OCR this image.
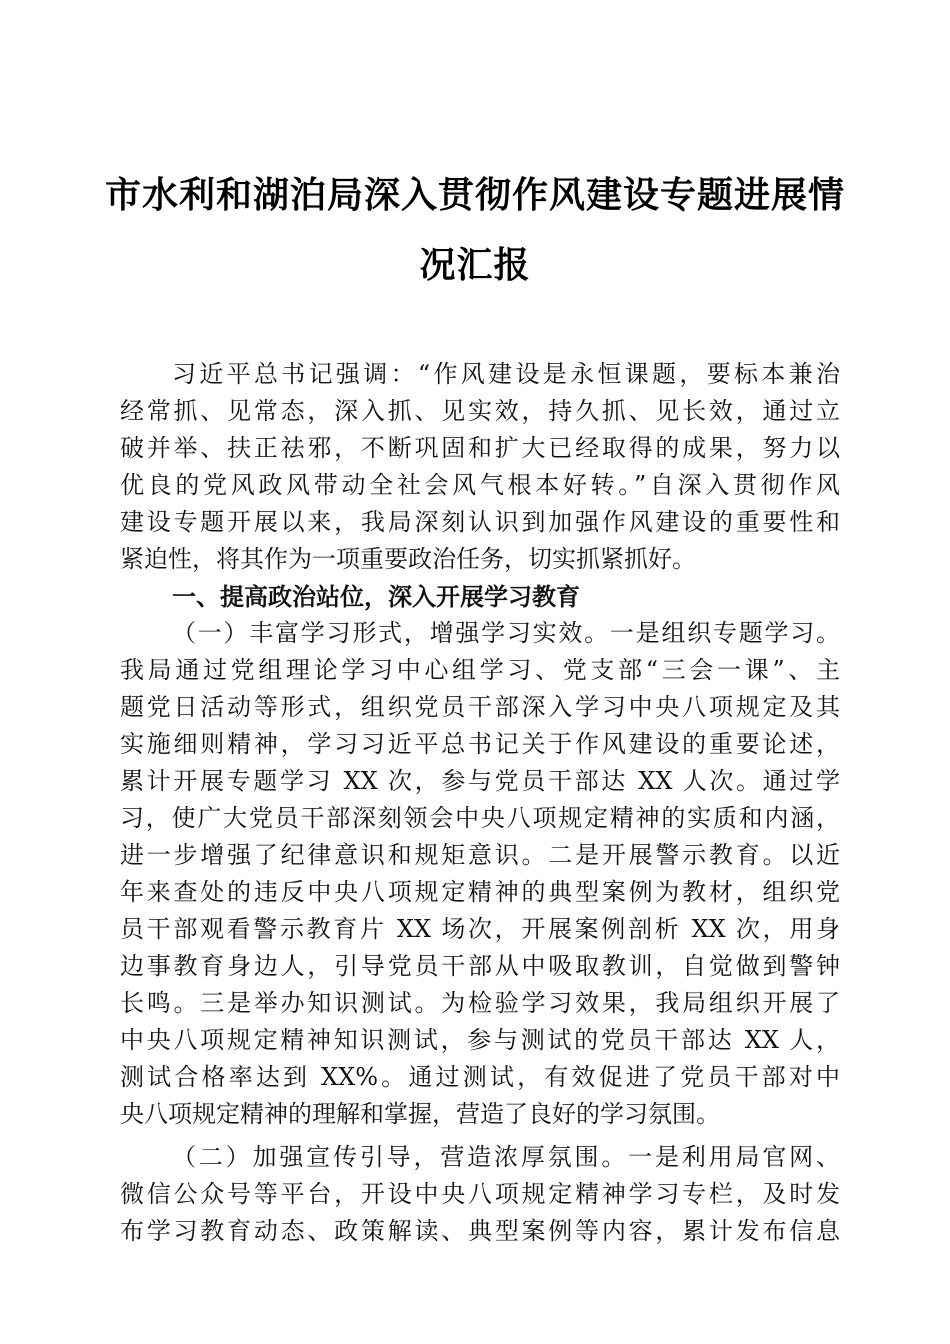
市水利和湖泊局深入贯彻作风建设专题进展情
况汇报
习近平总书记强调：“作风建设是永恒课题，要标本兼治
经常抓、见常态，深入抓、见实效，持久抓、见长效，通过立
破并举、扶正祛邪，不断巩固和扩大已经取得的成果，努力以
优良的党风政风带动全社会风气根本好转。”自深入贯彻作风
建设专题开展以来，我局深刻认识到加强作风建设的重要性和
紧迫性，将其作为一项重要政治任务，切实抓紧抓好。
一、提高政治站位，深入开展学习教育
（一）丰富学习形式，增强学习实效。一是组织专题学习。
我局通过党组理论学习中心组学习、党支部“三会一课”、主
题党日活动等形式，组织党员干部深入学习中央八项规定及其
实施细则精神，学习习近平总书记关于作风建设的重要论述，
累计开展专题学习 XX 次，参与党员干部达 XX 人次。通过学
习，使广大党员干部深刻领会中央八项规定精神的实质和内涵，
进一步增强了纪律意识和规矩意识。二是开展警示教育。以近
年来查处的违反中央八项规定精神的典型案例为教材，组织党
员干部观看警示教育片 XX 场次，开展案例剖析 XX 次，用身
边事教育身边人，引导党员干部从中吸取教训，自觉做到警钟
长鸣。三是举办知识测试。为检验学习效果，我局组织开展了
中央八项规定精神知识测试，参与测试的党员干部达 XX 人，
测试合格率达到 XX%。通过测试，有效促进了党员干部对中
央八项规定精神的理解和掌握，营造了良好的学习氛围。
（二）加强宣传引导，营造浓厚氛围。一是利用局官网、
微信公众号等平台，开设中央八项规定精神学习专栏，及时发
布学习教育动态、政策解读、典型案例等内容，累计发布信息
